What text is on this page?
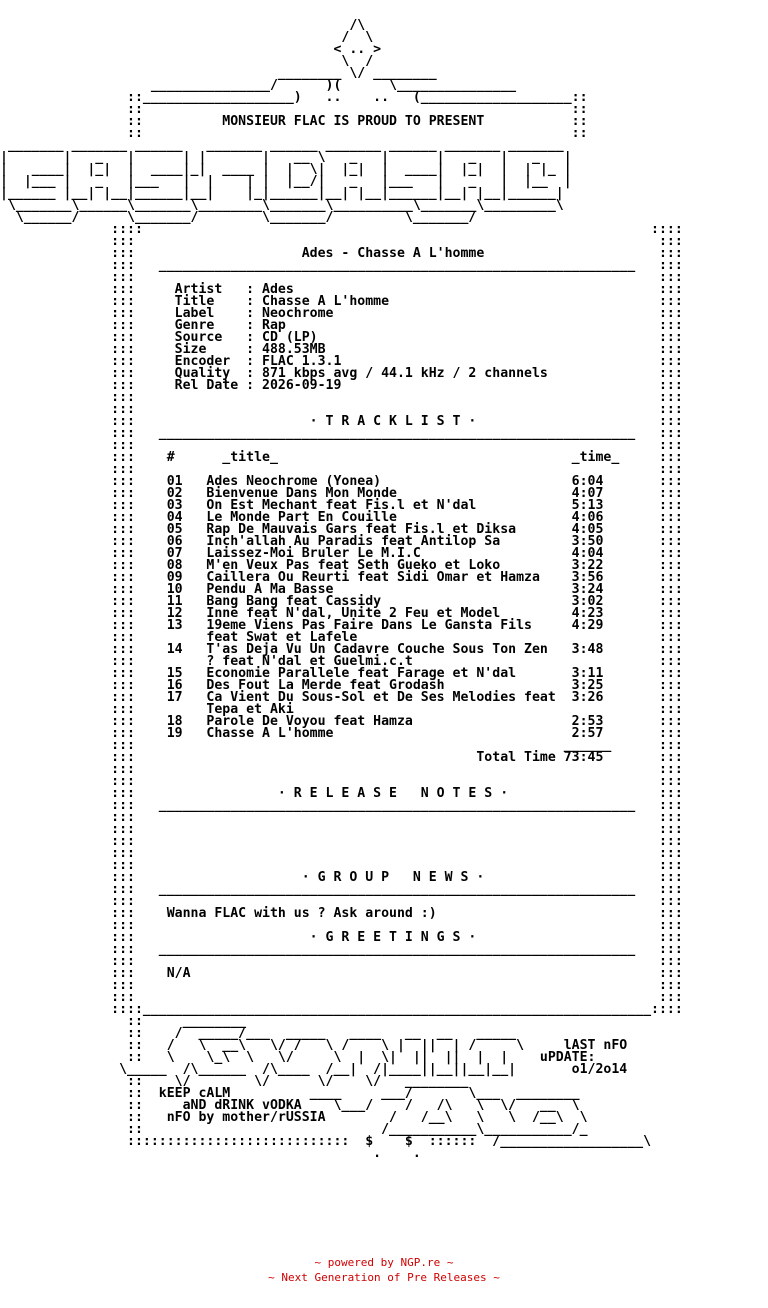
/\
/  \
< .. >
\  /
________ \/ ________
_______________/      )(      \_______________
::___________________)   ..    ..   (___________________::
::                                                      ::
::          MONSIEUR FLAC IS PROUD TO PRESENT           ::
::                                                      ::
_______ _______ ______   _______ ______ _______ ______ _______ _______
|       |   _   |      | |       |   __ \   _   |      |   _   |   _   |
|   ____|  |_|  |  ____|_|  ____ |  |  \|  |_|  |  ____|  |_|  |  | |_ |
|  |___ |   _   |___   |  |    | |  |__/|   _   |___   |   _   |  |__  |
|______ |__| |__|______|__|    |_|______|__| |__|______|__| |__|______|
\_______\______\_______\________\_______\__________\_______\_________\
\______/      \_______/        \_______/         \_______/
::::                                                                ::::
:::                                                                  :::
:::                     Ades - Chasse A L'homme                      :::
:::   ____________________________________________________________   :::
:::                                                                  :::
:::     Artist   : Ades                                              :::
:::     Title    : Chasse A L'homme                                  :::
:::     Label    : Neochrome                                         :::
:::     Genre    : Rap                                               :::
:::     Source   : CD (LP)                                           :::
:::     Size     : 488.53MB                                          :::
:::     Encoder  : FLAC 1.3.1                                        :::
:::     Quality  : 871 kbps avg / 44.1 kHz / 2 channels              :::
:::     Rel Date : 2026-09-19                                        :::
:::                                                                  :::
:::                                                                  :::
:::                      · T R A C K L I S T ·                       :::
:::   ____________________________________________________________   :::
:::                                                                  :::
:::    #      _title_                                     _time_     :::
:::                                                                  :::
:::    01   Ades Neochrome (Yonea)                        6:04       :::
:::    02   Bienvenue Dans Mon Monde                      4:07       :::
:::    03   On Est Mechant feat Fis.l et N'dal            5:13       :::
:::    04   Le Monde Part En Couille                      4:06       :::
:::    05   Rap De Mauvais Gars feat Fis.l et Diksa       4:05       :::
:::    06   Inch'allah Au Paradis feat Antilop Sa         3:50       :::
:::    07   Laissez-Moi Bruler Le M.I.C                   4:04       :::
:::    08   M'en Veux Pas feat Seth Gueko et Loko         3:22       :::
:::    09   Caillera Ou Reurti feat Sidi Omar et Hamza    3:56       :::
:::    10   Pendu A Ma Basse                              3:24       :::
:::    11   Bang Bang feat Cassidy                        3:02       :::
:::    12   Inne feat N'dal, Unite 2 Feu et Model         4:23       :::
:::    13   19eme Viens Pas Faire Dans Le Gansta Fils     4:29       :::
:::         feat Swat et Lafele                                      :::
:::    14   T'as Deja Vu Un Cadavre Couche Sous Ton Zen   3:48       :::
:::         ? feat N'dal et Guelmi.c.t                               :::
:::    15   Economie Parallele feat Farage et N'dal       3:11       :::
:::    16   Des Fout La Merde feat Grodash                3:25       :::
:::    17   Ca Vient Du Sous-Sol et De Ses Melodies feat  3:26       :::
:::         Tepa et Aki                                              :::
:::    18   Parole De Voyou feat Hamza                    2:53       :::
:::    19   Chasse A L'homme                              2:57       :::
:::                                                      ______      :::
:::                                           Total Time 73:45       :::
:::                                                                  :::
:::                                                                  :::
:::                  · R E L E A S E   N O T E S ·                   :::
:::   ____________________________________________________________   :::
:::                                                                  :::
:::                                                                  :::
:::                                                                  :::
:::                                                                  :::
:::                                                                  :::
:::                     · G R O U P   N E W S ·                      :::
:::   ____________________________________________________________   :::
:::                                                                  :::
:::    Wanna FLAC with us ? Ask around :)                            :::
:::                                                                  :::
:::                      · G R E E T I N G S ·                       :::
:::   ____________________________________________________________   :::
:::                                                                  :::
:::    N/A                                                           :::
:::                                                                  :::
:::                                                                  :::
::::________________________________________________________________::::
::     ________
::    /  _____/___  _____   ____   __  __   _____
::   /   \  __\   \/ /   \ /    \ |  ||  | /     \     lAST nFO
::   \    \_\  \   \/     \  |  \|  ||  ||  |  |    uPDATE:
\_____  /\______  /\____  /__|  /|____||__||__|__|       o1/2o14
::    \/        \/      \/    \/   ________
::  kEEP cALM          ____     ___/       \___  ________
::     aND dRINK vODKA    \___/    /   /\   \  \/   __  \
::   nFO by mother/rUSSIA        /   /__\   \   \  /__\  \
::                              /___________\___________/_
::::::::::::::::::::::::::::  $    $  ::::::  /__________________\
.    .
~ powered by NGP.re ~
~ Next Generation of Pre Releases ~
